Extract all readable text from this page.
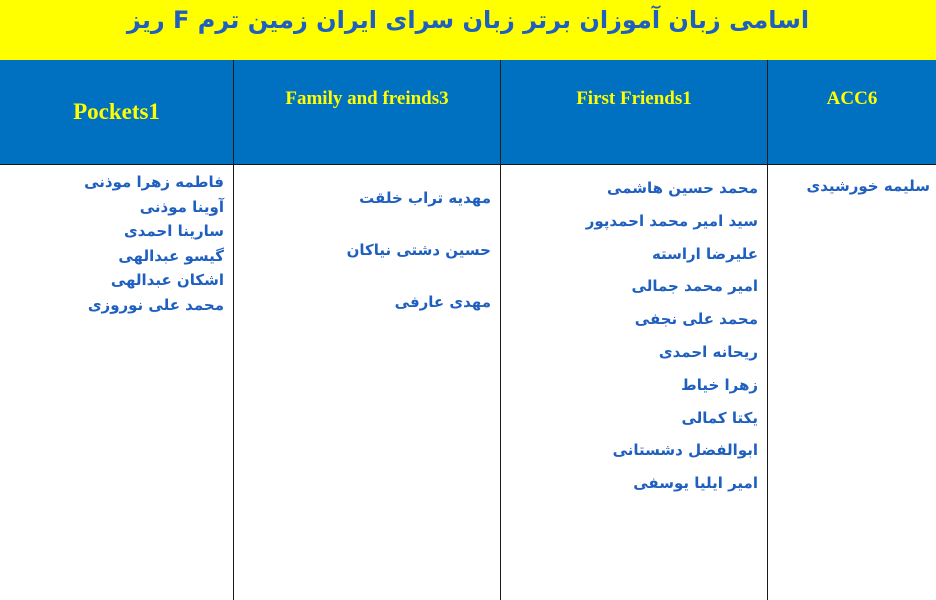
اسامی زبان آموزان برتر زبان سرای ایران زمین ترم F ریز
Pockets1
Family and freinds3	First Friends1	ACC6
فاطمه زهرا موذنی
آوینا موذنی
سارینا احمدی
گیسو عبدالهی
اشکان عبدالهی
محمد علی نوروزی
مهدیه تراب خلقت
حسین دشتی نیاکان
مهدی عارفی
محمد حسین هاشمی
سید امیر محمد احمدپور
علیرضا اراسته
امیر محمد جمالی
محمد علی نجفی
ریحانه احمدی
زهرا خیاط
یکتا کمالی
ابوالفضل دشستانی
امیر ایلیا یوسفی
سلیمه خورشیدی
